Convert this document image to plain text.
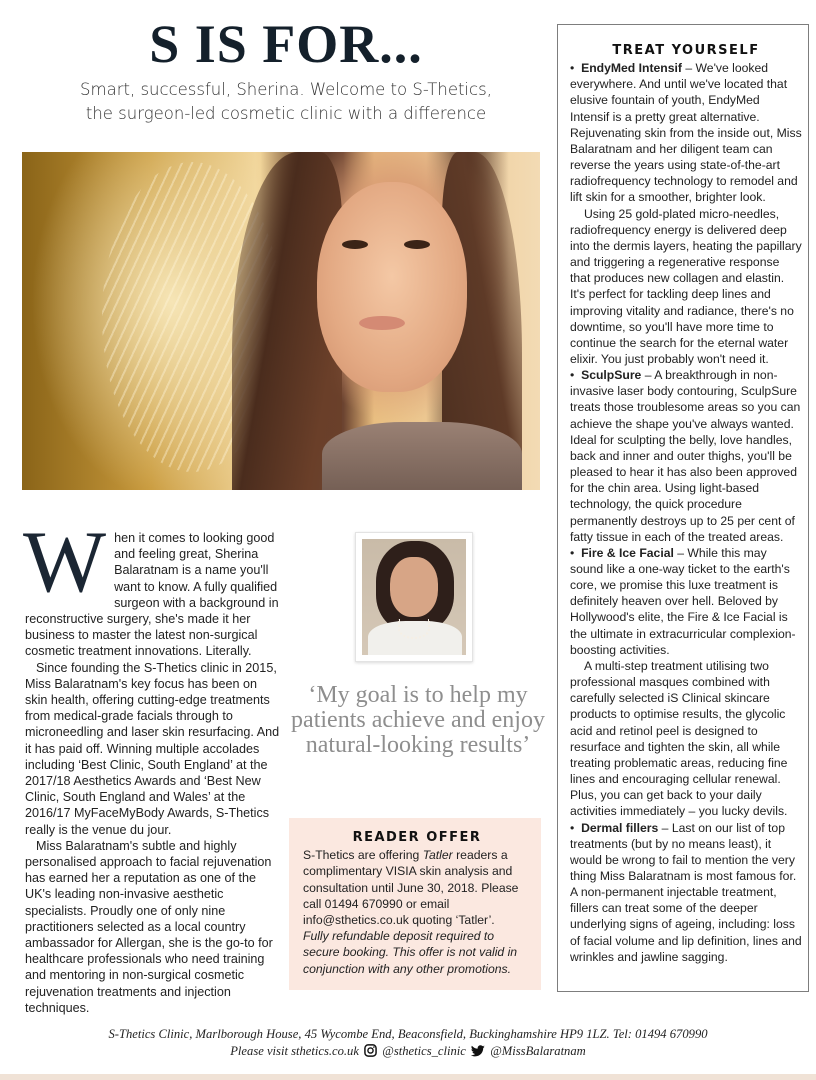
S IS FOR...
Smart, successful, Sherina. Welcome to S-Thetics,
the surgeon-led cosmetic clinic with a difference

When it comes to looking good and feeling great, Sherina Balaratnam is a name you'll want to know. A fully qualified surgeon with a background in reconstructive surgery, she's made it her business to master the latest non-surgical cosmetic treatment innovations. Literally.

Since founding the S-Thetics clinic in 2015, Miss Balaratnam's key focus has been on skin health, offering cutting-edge treatments from medical-grade facials through to microneedling and laser skin resurfacing. And it has paid off. Winning multiple accolades including ‘Best Clinic, South England’ at the 2017/18 Aesthetics Awards and ‘Best New Clinic, South England and Wales’ at the 2016/17 MyFaceMyBody Awards, S-Thetics really is the venue du jour.

Miss Balaratnam's subtle and highly personalised approach to facial rejuvenation has earned her a reputation as one of the UK's leading non-invasive aesthetic specialists. Proudly one of only nine practitioners selected as a local country ambassador for Allergan, she is the go-to for healthcare professionals who need training and mentoring in non-surgical cosmetic rejuvenation treatments and injection techniques.

‘My goal is to help my patients achieve and enjoy natural-looking results’
READER OFFER
S-Thetics are offering Tatler readers a complimentary VISIA skin analysis and consultation until June 30, 2018. Please call 01494 670990 or email info@sthetics.co.uk quoting ‘Tatler’.
Fully refundable deposit required to secure booking. This offer is not valid in conjunction with any other promotions.
TREAT YOURSELF

• EndyMed Intensif – We've looked everywhere. And until we've located that elusive fountain of youth, EndyMed Intensif is a pretty great alternative. Rejuvenating skin from the inside out, Miss Balaratnam and her diligent team can reverse the years using state-of-the-art radiofrequency technology to remodel and lift skin for a smoother, brighter look.

Using 25 gold-plated micro-needles, radiofrequency energy is delivered deep into the dermis layers, heating the papillary and triggering a regenerative response that produces new collagen and elastin. It's perfect for tackling deep lines and improving vitality and radiance, there's no downtime, so you'll have more time to continue the search for the eternal water elixir. You just probably won't need it.

• SculpSure – A breakthrough in non-invasive laser body contouring, SculpSure treats those troublesome areas so you can achieve the shape you've always wanted. Ideal for sculpting the belly, love handles, back and inner and outer thighs, you'll be pleased to hear it has also been approved for the chin area. Using light-based technology, the quick procedure permanently destroys up to 25 per cent of fatty tissue in each of the treated areas.

• Fire & Ice Facial – While this may sound like a one-way ticket to the earth's core, we promise this luxe treatment is definitely heaven over hell. Beloved by Hollywood's elite, the Fire & Ice Facial is the ultimate in extracurricular complexion-boosting activities.

A multi-step treatment utilising two professional masques combined with carefully selected iS Clinical skincare products to optimise results, the glycolic acid and retinol peel is designed to resurface and tighten the skin, all while treating problematic areas, reducing fine lines and encouraging cellular renewal. Plus, you can get back to your daily activities immediately – you lucky devils.

• Dermal fillers – Last on our list of top treatments (but by no means least), it would be wrong to fail to mention the very thing Miss Balaratnam is most famous for. A non-permanent injectable treatment, fillers can treat some of the deeper underlying signs of ageing, including: loss of facial volume and lip definition, lines and wrinkles and jawline sagging.

S-Thetics Clinic, Marlborough House, 45 Wycombe End, Beaconsfield, Buckinghamshire HP9 1LZ. Tel: 01494 670990
Please visit sthetics.co.uk @sthetics_clinic @MissBalaratnam
